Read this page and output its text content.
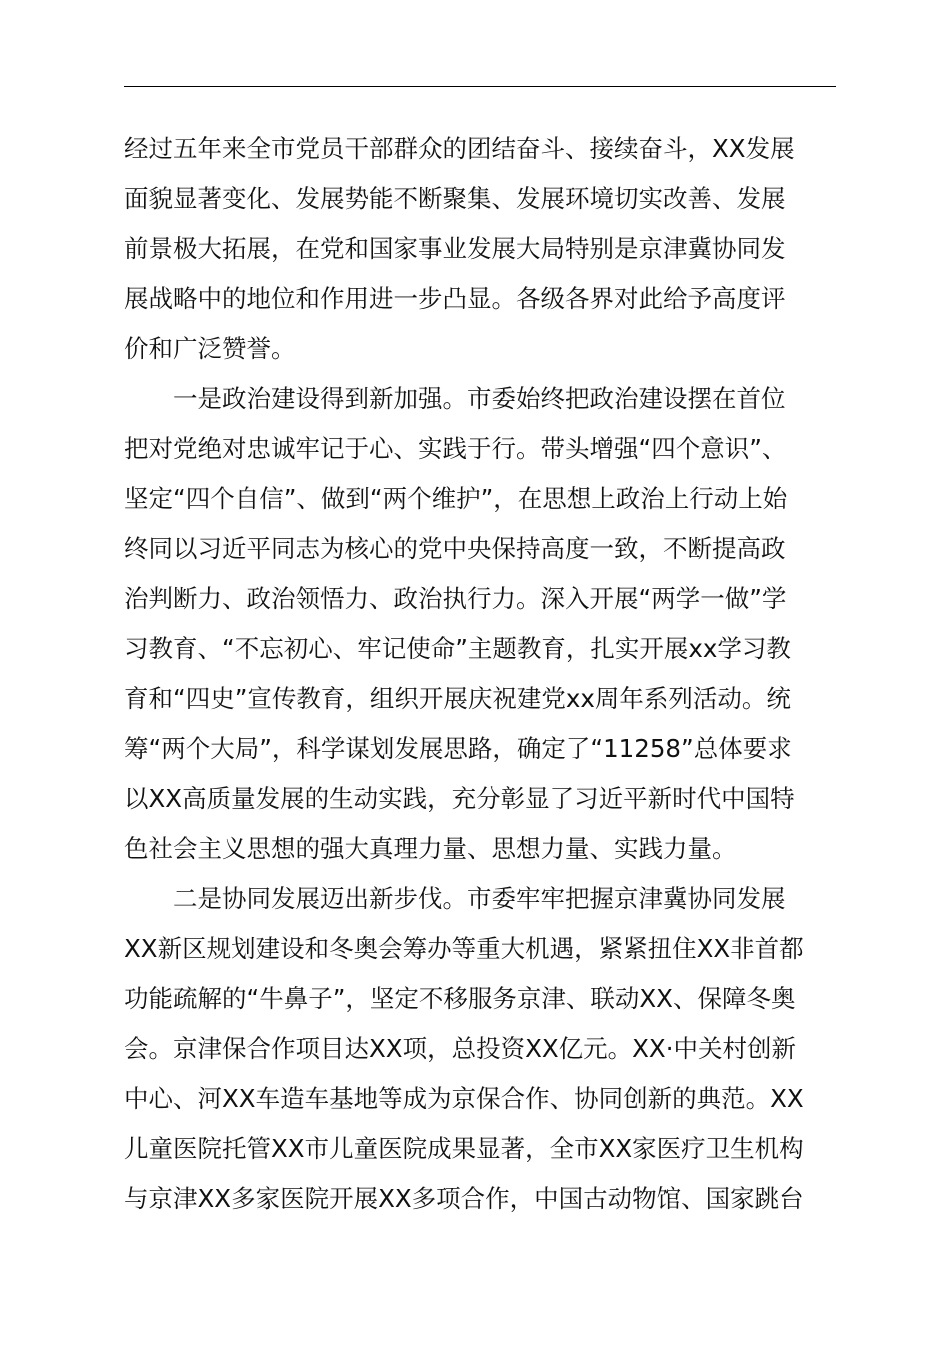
经过五年来全市党员干部群众的团结奋斗、接续奋斗，XX发展
面貌显著变化、发展势能不断聚集、发展环境切实改善、发展
前景极大拓展，在党和国家事业发展大局特别是京津冀协同发
展战略中的地位和作用进一步凸显。各级各界对此给予高度评
价和广泛赞誉。
一是政治建设得到新加强。市委始终把政治建设摆在首位
把对党绝对忠诚牢记于心、实践于行。带头增强“四个意识”、
坚定“四个自信”、做到“两个维护”，在思想上政治上行动上始
终同以习近平同志为核心的党中央保持高度一致，不断提高政
治判断力、政治领悟力、政治执行力。深入开展“两学一做”学
习教育、“不忘初心、牢记使命”主题教育，扎实开展xx学习教
育和“四史”宣传教育，组织开展庆祝建党xx周年系列活动。统
筹“两个大局”，科学谋划发展思路，确定了“11258”总体要求
以XX高质量发展的生动实践，充分彰显了习近平新时代中国特
色社会主义思想的强大真理力量、思想力量、实践力量。
二是协同发展迈出新步伐。市委牢牢把握京津冀协同发展
XX新区规划建设和冬奥会筹办等重大机遇，紧紧扭住XX非首都
功能疏解的“牛鼻子”，坚定不移服务京津、联动XX、保障冬奥
会。京津保合作项目达XX项，总投资XX亿元。XX·中关村创新
中心、河XX车造车基地等成为京保合作、协同创新的典范。XX
儿童医院托管XX市儿童医院成果显著，全市XX家医疗卫生机构
与京津XX多家医院开展XX多项合作，中国古动物馆、国家跳台
